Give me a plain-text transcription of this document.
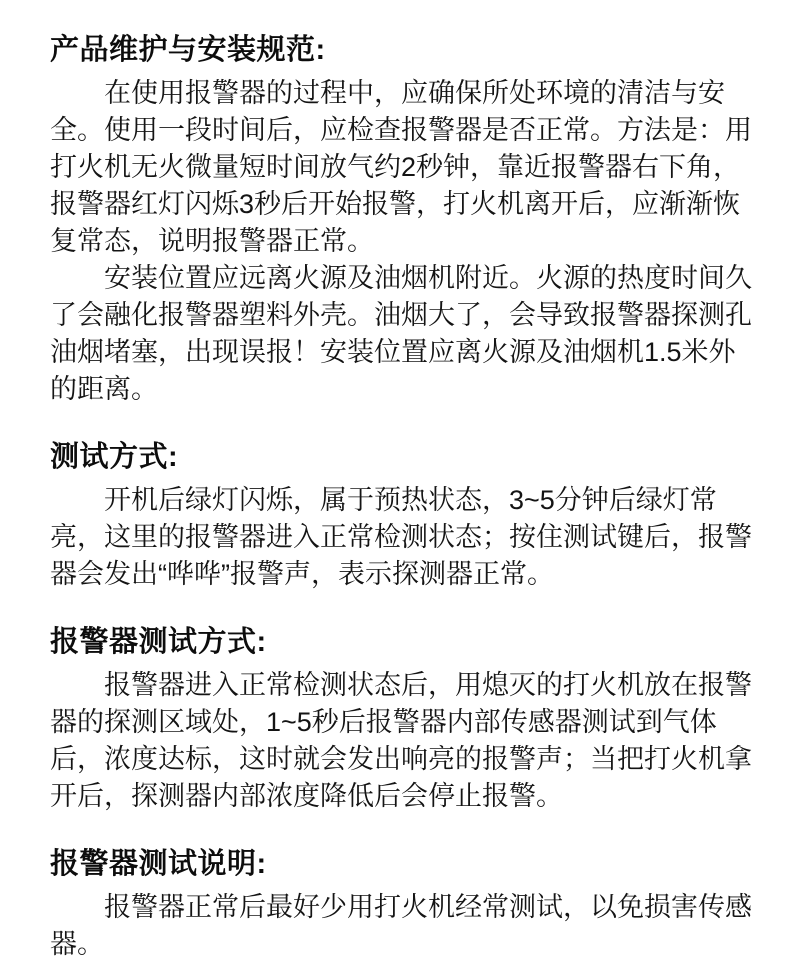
产品维护与安装规范:

在使用报警器的过程中，应确保所处环境的清洁与安全。使用一段时间后，应检查报警器是否正常。方法是：用打火机无火微量短时间放气约2秒钟，靠近报警器右下角，报警器红灯闪烁3秒后开始报警，打火机离开后，应渐渐恢复常态，说明报警器正常。

安装位置应远离火源及油烟机附近。火源的热度时间久了会融化报警器塑料外壳。油烟大了，会导致报警器探测孔油烟堵塞，出现误报！安装位置应离火源及油烟机1.5米外的距离。

测试方式:

开机后绿灯闪烁，属于预热状态，3~5分钟后绿灯常亮，这里的报警器进入正常检测状态；按住测试键后，报警器会发出“哗哗”报警声，表示探测器正常。

报警器测试方式:

报警器进入正常检测状态后，用熄灭的打火机放在报警器的探测区域处，1~5秒后报警器内部传感器测试到气体后，浓度达标，这时就会发出响亮的报警声；当把打火机拿开后，探测器内部浓度降低后会停止报警。

报警器测试说明:

报警器正常后最好少用打火机经常测试，以免损害传感器。
